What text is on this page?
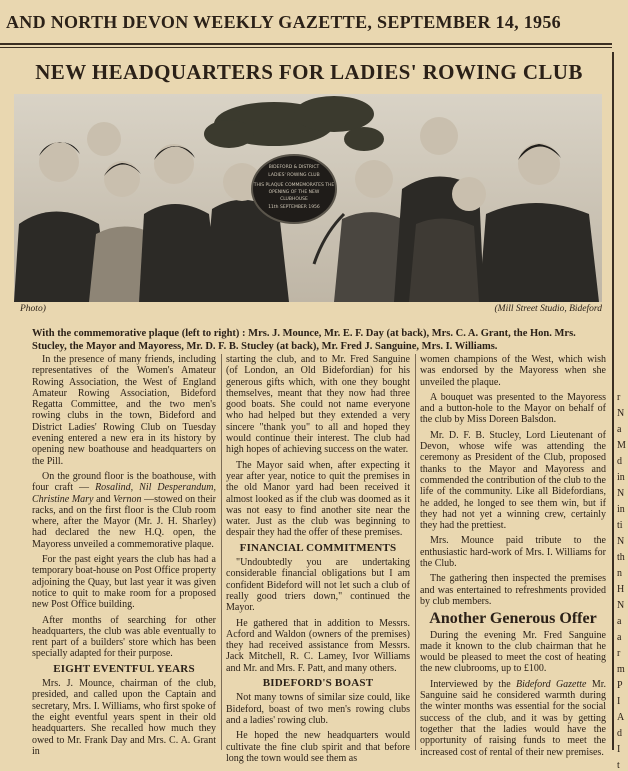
AND NORTH DEVON WEEKLY GAZETTE, SEPTEMBER 14, 1956
NEW HEADQUARTERS FOR LADIES' ROWING CLUB
BIDEFORD & DISTRICT
LADIES' ROWING CLUB
THIS PLAQUE COMMEMORATES THE
OPENING OF THE NEW
CLUBHOUSE
11th SEPTEMBER 1956
Photo)	(Mill Street Studio, Bideford
With the commemorative plaque (left to right) : Mrs. J. Mounce, Mr. E. F. Day (at back), Mrs. C. A. Grant, the Hon. Mrs. Stucley, the Mayor and Mayoress, Mr. D. F. B. Stucley (at back), Mr. Fred J. Sanguine, Mrs. I. Williams.

In the presence of many friends, including representatives of the Women's Amateur Rowing Association, the West of England Amateur Rowing Association, Bideford Regatta Committee, and the two men's rowing clubs in the town, Bideford and District Ladies' Rowing Club on Tuesday evening entered a new era in its history by opening new boathouse and headquarters on the Pill.

On the ground floor is the boathouse, with four craft — Rosalind, Nil Desperandum, Christine Mary and Vernon —stowed on their racks, and on the first floor is the Club room where, after the Mayor (Mr. J. H. Sharley) had declared the new H.Q. open, the Mayoress unveiled a commemorative plaque.

For the past eight years the club has had a temporary boat-house on Post Office property adjoining the Quay, but last year it was given notice to quit to make room for a proposed new Post Office building.

After months of searching for other headquarters, the club was able eventually to rent part of a builders' store which has been specially adapted for their purpose.

EIGHT EVENTFUL YEARS

Mrs. J. Mounce, chairman of the club, presided, and called upon the Captain and secretary, Mrs. I. Williams, who first spoke of the eight eventful years spent in their old headquarters. She recalled how much they owed to Mr. Frank Day and Mrs. C. A. Grant in

starting the club, and to Mr. Fred Sanguine (of London, an Old Bidefordian) for his generous gifts which, with one they bought themselves, meant that they now had three good boats. She could not name everyone who had helped but they extended a very sincere "thank you" to all and hoped they would continue their interest. The club had high hopes of achieving success on the water.

The Mayor said when, after expecting it year after year, notice to quit the premises in the old Manor yard had been received it almost looked as if the club was doomed as it was not easy to find another site near the water. Just as the club was beginning to despair they had the offer of these premises.

FINANCIAL COMMITMENTS

"Undoubtedly you are undertaking considerable financial obligations but I am confident Bideford will not let such a club of really good triers down," continued the Mayor.

He gathered that in addition to Messrs. Acford and Waldon (owners of the premises) they had received assistance from Messrs. Jack Mitchell, R. C. Lamey, Ivor Williams and Mr. and Mrs. F. Patt, and many others.

BIDEFORD'S BOAST

Not many towns of similar size could, like Bideford, boast of two men's rowing clubs and a ladies' rowing club.

He hoped the new headquarters would cultivate the fine club spirit and that before long the town would see them as

women champions of the West, which wish was endorsed by the Mayoress when she unveiled the plaque.

A bouquet was presented to the Mayoress and a button-hole to the Mayor on behalf of the club by Miss Doreen Balsdon.

Mr. D. F. B. Stucley, Lord Lieutenant of Devon, whose wife was attending the ceremony as President of the Club, proposed thanks to the Mayor and Mayoress and commended the contribution of the club to the life of the community. Like all Bidefordians, he added, he longed to see them win, but if they had not yet a winning crew, certainly they had the prettiest.

Mrs. Mounce paid tribute to the enthusiastic hard-work of Mrs. I. Williams for the Club.

The gathering then inspected the premises and was entertained to refreshments provided by club members.

Another Generous Offer

During the evening Mr. Fred Sanguine made it known to the club chairman that he would be pleased to meet the cost of heating the new clubrooms, up to £100.

Interviewed by the Bideford Gazette Mr. Sanguine said he considered warmth during the winter months was essential for the social success of the club, and it was by getting together that the ladies would have the opportunity of raising funds to meet the increased cost of rental of their new premises.

r
N
a
M
d
in
N
in
ti
N
th
n
H
N
a
a
r
m
P
I
A
d
I
t
